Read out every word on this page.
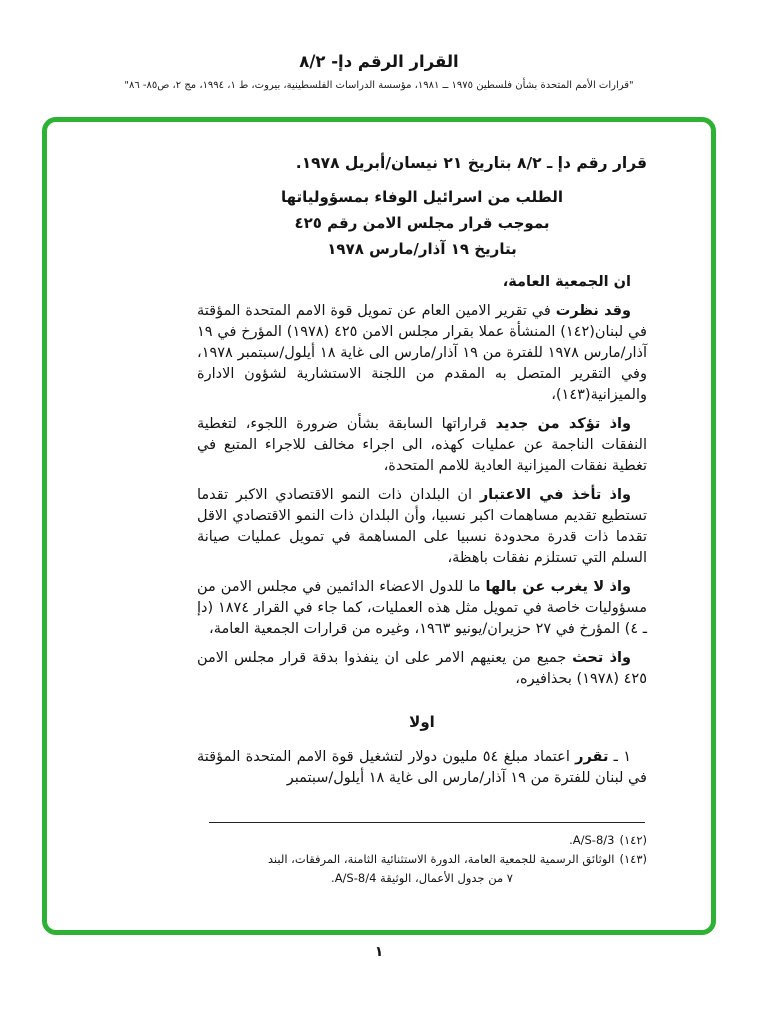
القرار الرقم دإ- ٨/٢
"قرارات الأمم المتحدة بشأن فلسطين ١٩٧٥ ــ ١٩٨١، مؤسسة الدراسات الفلسطينية، بيروت، ط ١، ١٩٩٤، مج ٢، ص٨٥- ٨٦"

قرار رقم دإ ـ ٨/٢ بتاريخ ٢١ نيسان/أبريل ١٩٧٨.

الطلب من اسرائيل الوفاء بمسؤولياتها
بموجب قرار مجلس الامن رقم ٤٢٥
بتاريخ ١٩ آذار/مارس ١٩٧٨

ان الجمعية العامة،

وقد نظرت في تقرير الامين العام عن تمويل قوة الامم المتحدة المؤقتة في لبنان(١٤٢) المنشأة عملا بقرار مجلس الامن ٤٢٥ (١٩٧٨) المؤرخ في ١٩ آذار/مارس ١٩٧٨ للفترة من ١٩ آذار/مارس الى غاية ١٨ أيلول/سبتمبر ١٩٧٨، وفي التقرير المتصل به المقدم من اللجنة الاستشارية لشؤون الادارة والميزانية(١٤٣)،

واذ تؤكد من جديد قراراتها السابقة بشأن ضرورة اللجوء، لتغطية النفقات الناجمة عن عمليات كهذه، الى اجراء مخالف للاجراء المتبع في تغطية نفقات الميزانية العادية للامم المتحدة،

واذ تأخذ في الاعتبار ان البلدان ذات النمو الاقتصادي الاكبر تقدما تستطيع تقديم مساهمات اكبر نسبيا، وأن البلدان ذات النمو الاقتصادي الاقل تقدما ذات قدرة محدودة نسبيا على المساهمة في تمويل عمليات صيانة السلم التي تستلزم نفقات باهظة،

واذ لا يغرب عن بالها ما للدول الاعضاء الدائمين في مجلس الامن من مسؤوليات خاصة في تمويل مثل هذه العمليات، كما جاء في القرار ١٨٧٤ (دإ ـ ٤) المؤرخ في ٢٧ حزيران/يونيو ١٩٦٣، وغيره من قرارات الجمعية العامة،

واذ تحث جميع من يعنيهم الامر على ان ينفذوا بدقة قرار مجلس الامن ٤٢٥ (١٩٧٨) بحذافيره،

اولا

١ ـ تقرر اعتماد مبلغ ٥٤ مليون دولار لتشغيل قوة الامم المتحدة المؤقتة في لبنان للفترة من ١٩ آذار/مارس الى غاية ١٨ أيلول/سبتمبر

(١٤٢)A/S-8/3.
(١٤٣)الوثائق الرسمية للجمعية العامة، الدورة الاستثنائية الثامنة، المرفقات، البند
٧ من جدول الأعمال، الوثيقة A/S-8/4.
١
